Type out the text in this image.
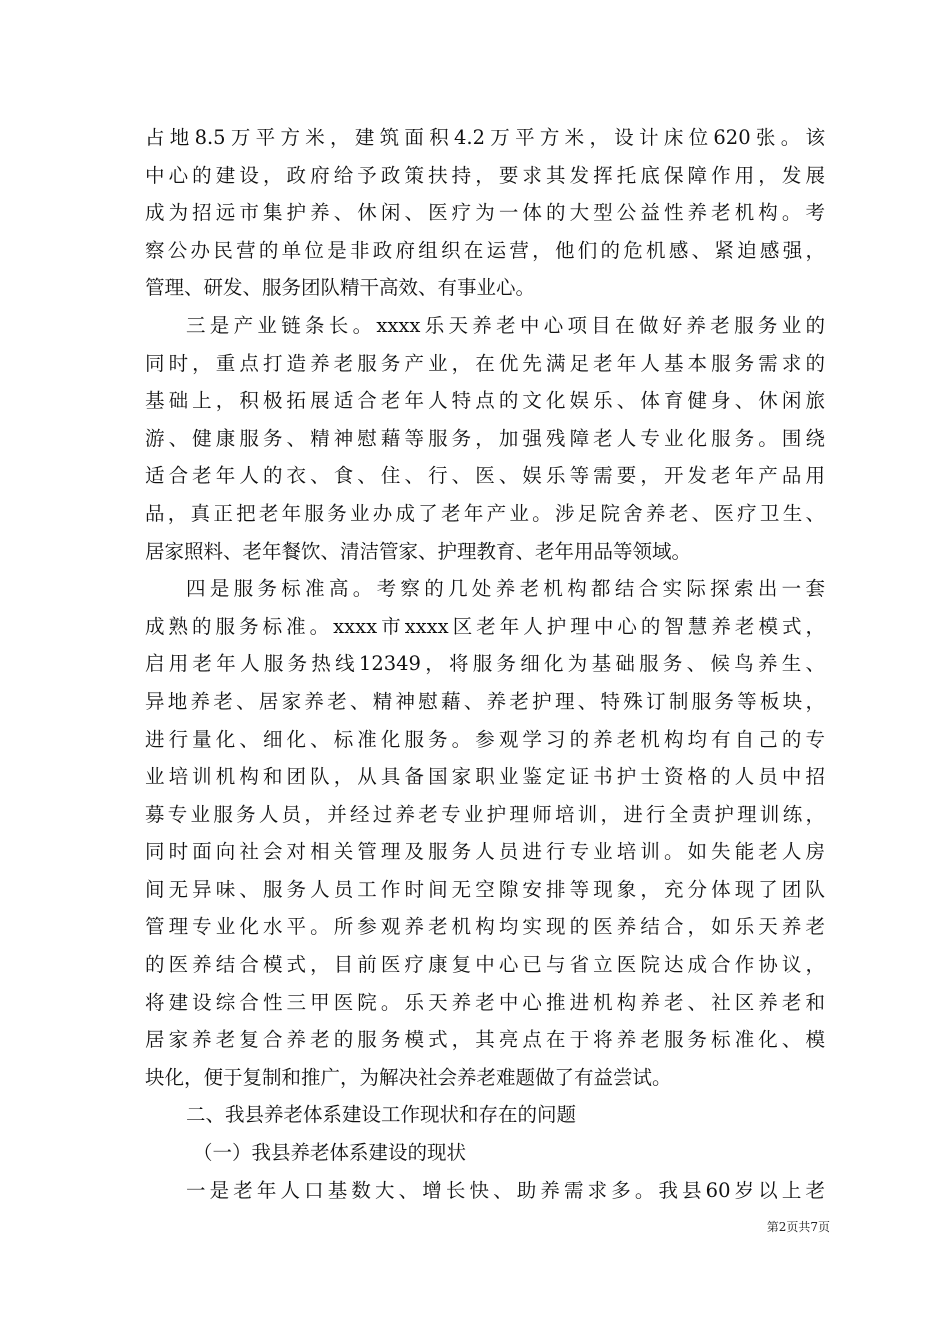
占地8.5万平方米，建筑面积4.2万平方米，设计床位620张。该
中心的建设，政府给予政策扶持，要求其发挥托底保障作用，发展
成为招远市集护养、休闲、医疗为一体的大型公益性养老机构。考
察公办民营的单位是非政府组织在运营，他们的危机感、紧迫感强，
管理、研发、服务团队精干高效、有事业心。
三是产业链条长。xxxx乐天养老中心项目在做好养老服务业的
同时，重点打造养老服务产业，在优先满足老年人基本服务需求的
基础上，积极拓展适合老年人特点的文化娱乐、体育健身、休闲旅
游、健康服务、精神慰藉等服务，加强残障老人专业化服务。围绕
适合老年人的衣、食、住、行、医、娱乐等需要，开发老年产品用
品，真正把老年服务业办成了老年产业。涉足院舍养老、医疗卫生、
居家照料、老年餐饮、清洁管家、护理教育、老年用品等领域。
四是服务标准高。考察的几处养老机构都结合实际探索出一套
成熟的服务标准。xxxx市xxxx区老年人护理中心的智慧养老模式，
启用老年人服务热线12349，将服务细化为基础服务、候鸟养生、
异地养老、居家养老、精神慰藉、养老护理、特殊订制服务等板块，
进行量化、细化、标准化服务。参观学习的养老机构均有自己的专
业培训机构和团队，从具备国家职业鉴定证书护士资格的人员中招
募专业服务人员，并经过养老专业护理师培训，进行全责护理训练，
同时面向社会对相关管理及服务人员进行专业培训。如失能老人房
间无异味、服务人员工作时间无空隙安排等现象，充分体现了团队
管理专业化水平。所参观养老机构均实现的医养结合，如乐天养老
的医养结合模式，目前医疗康复中心已与省立医院达成合作协议，
将建设综合性三甲医院。乐天养老中心推进机构养老、社区养老和
居家养老复合养老的服务模式，其亮点在于将养老服务标准化、模
块化，便于复制和推广，为解决社会养老难题做了有益尝试。
二、我县养老体系建设工作现状和存在的问题
（一）我县养老体系建设的现状
一是老年人口基数大、增长快、助养需求多。我县60岁以上老
第2页共7页
